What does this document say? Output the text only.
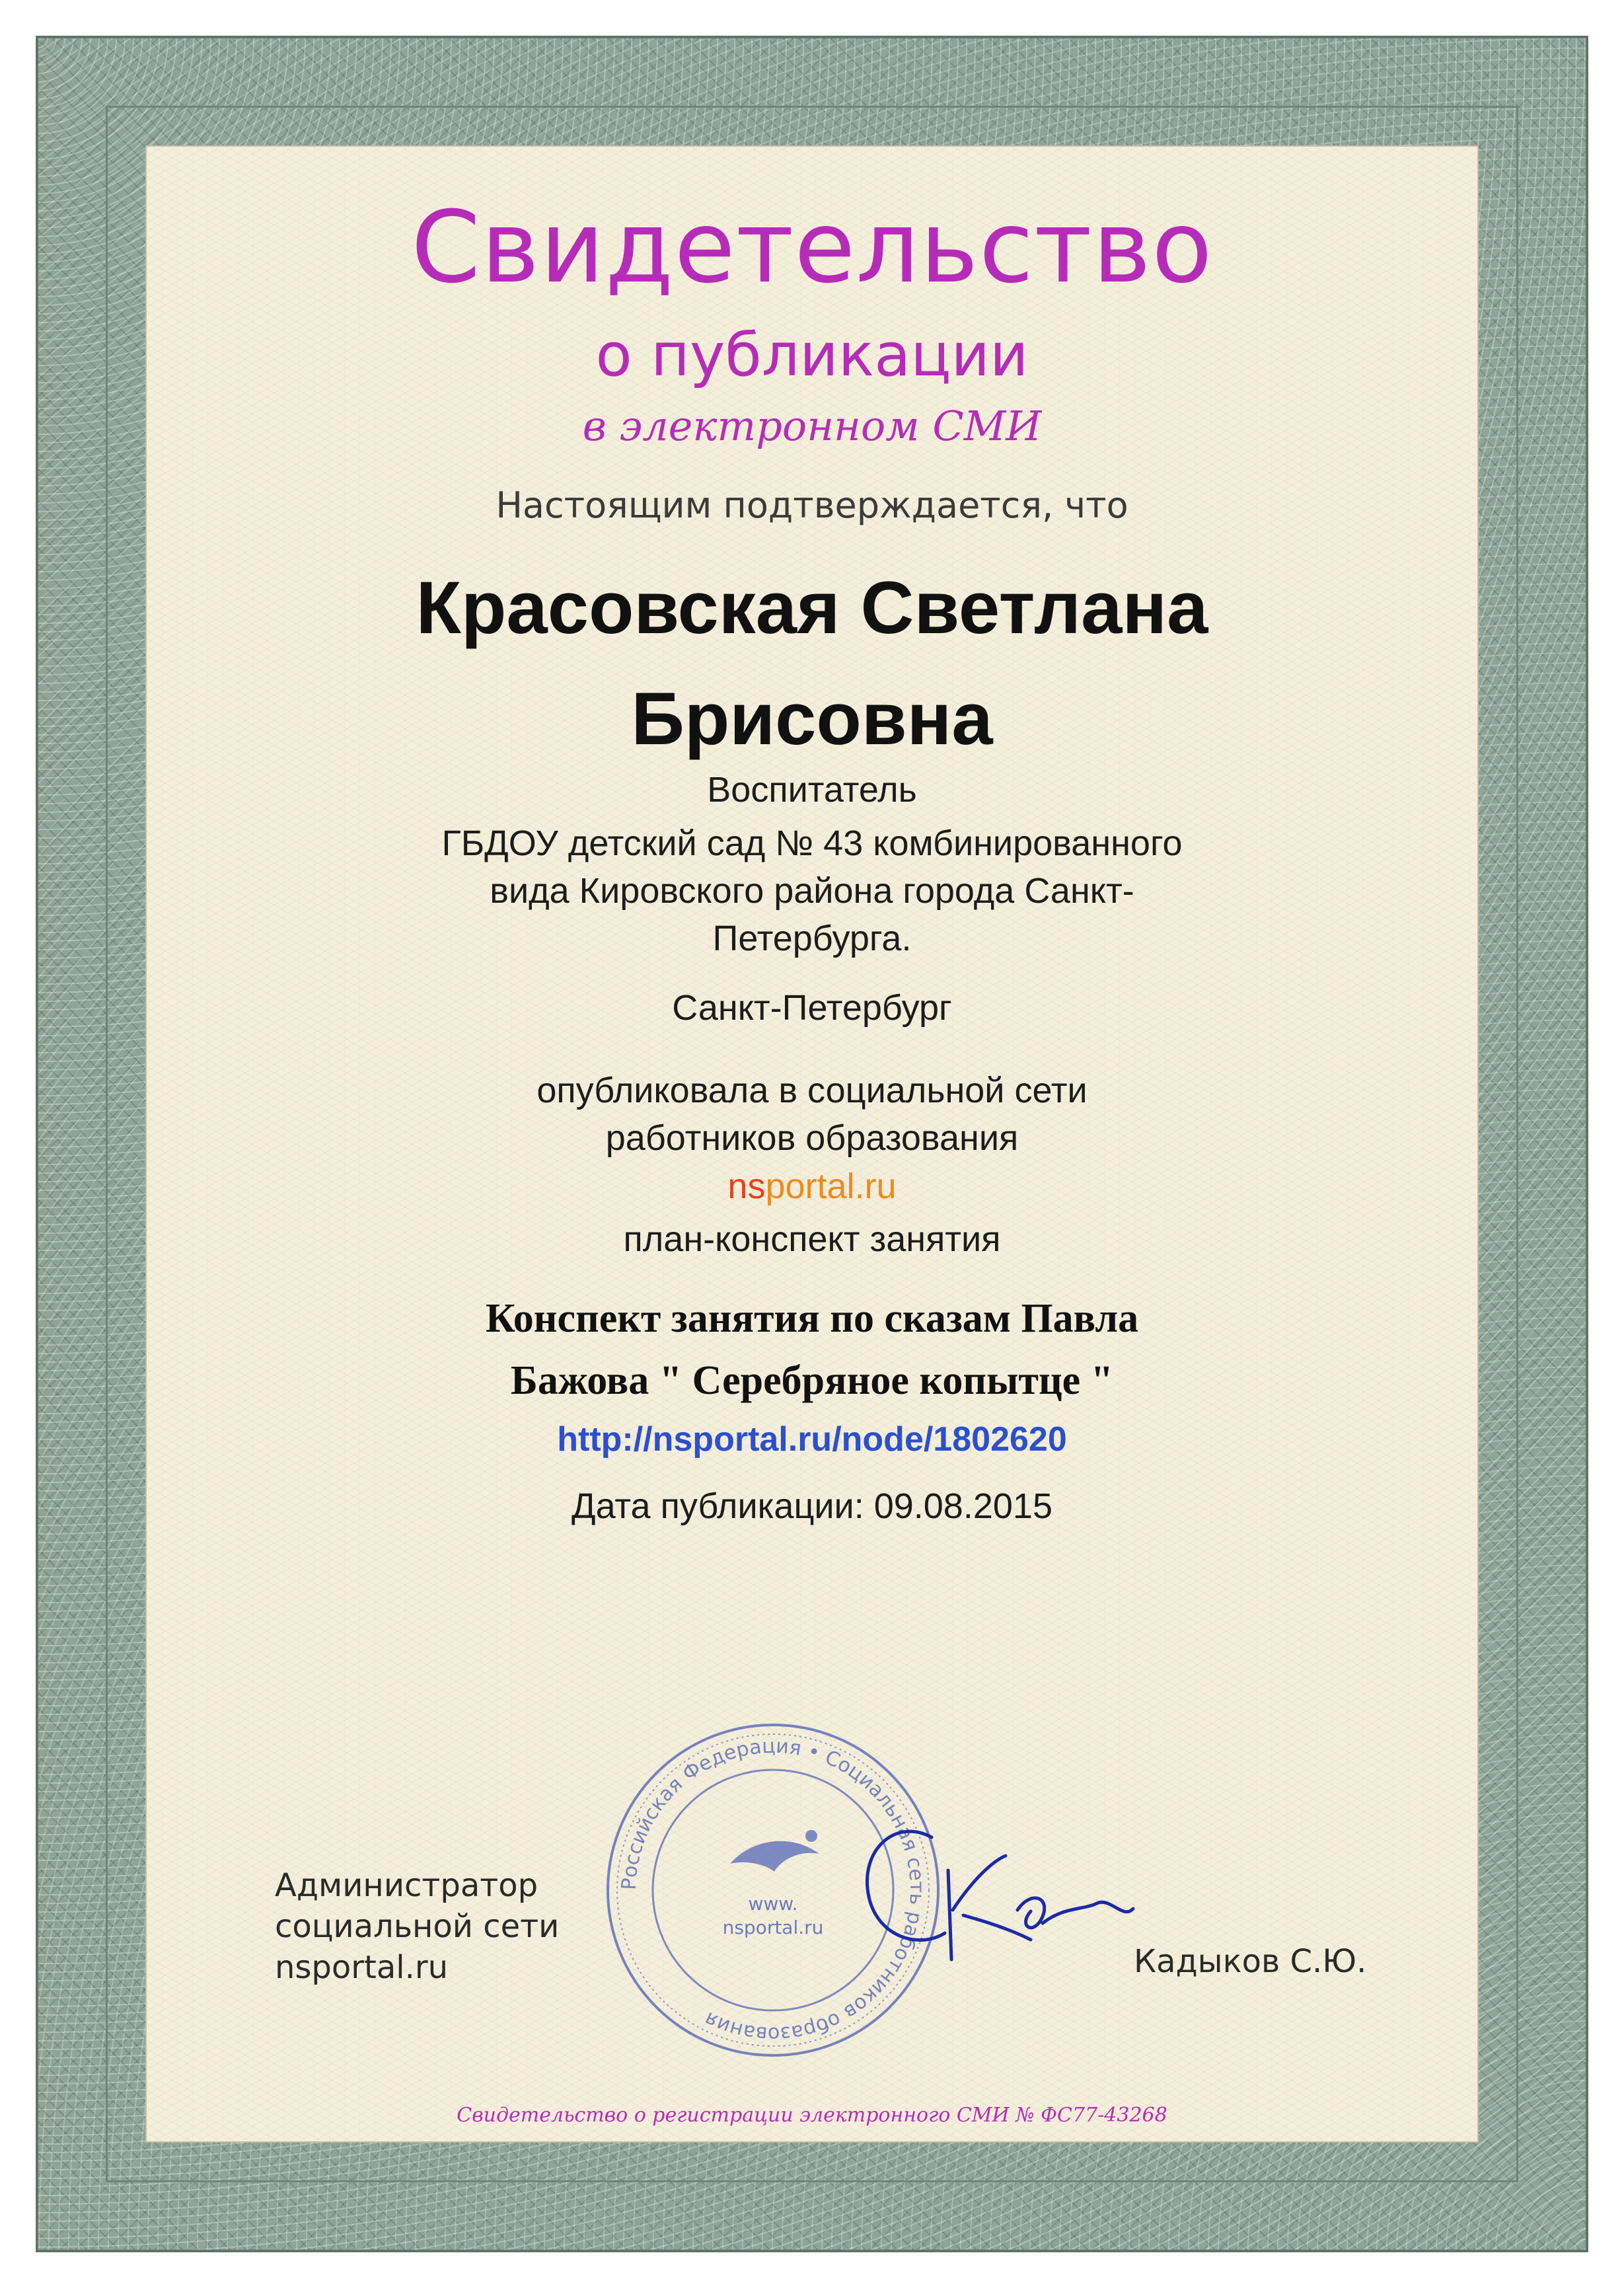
Свидетельство
о публикации
в электронном СМИ
Настоящим подтверждается, что
Красовская Светлана
Брисовна
Воспитатель
ГБДОУ детский сад № 43 комбинированного
вида Кировского района города Санкт-
Петербурга.
Санкт-Петербург
опубликовала в социальной сети
работников образования
nsportal.ru
план-конспект занятия
Конспект занятия по сказам Павла
Бажова " Серебряное копытце "
http://nsportal.ru/node/1802620
Дата публикации: 09.08.2015
Администратор
социальной сети
nsportal.ru
Российская Федерация • Социальная сеть работников образования
www.
nsportal.ru
Кадыков С.Ю.
Свидетельство о регистрации электронного СМИ № ФС77-43268
